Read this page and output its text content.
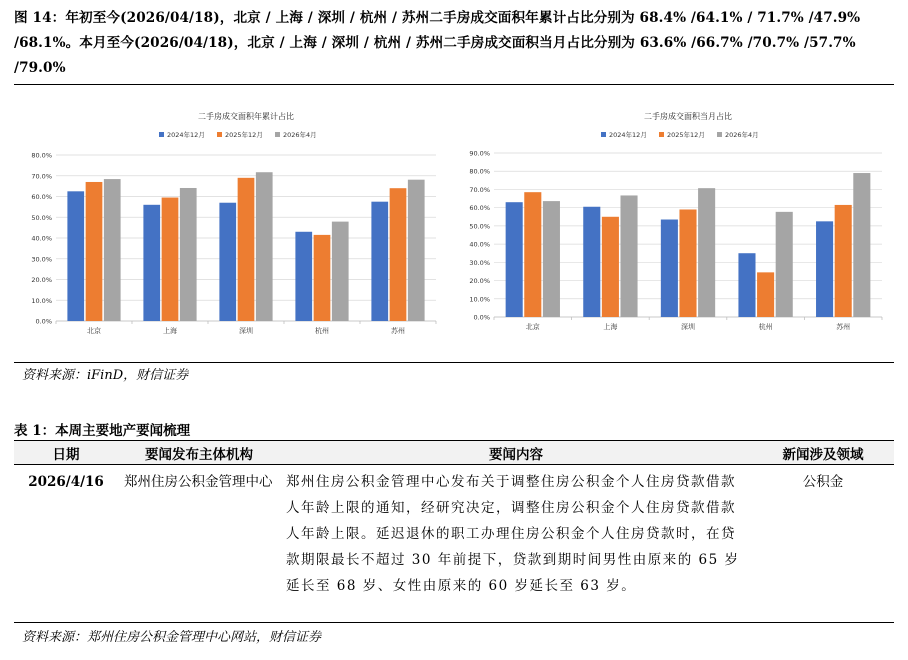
图 14：年初至今(2026/04/18)，北京 / 上海 / 深圳 / 杭州 / 苏州二手房成交面积年累计占比分别为 68.4% /64.1% / 71.7% /47.9% /68.1%。本月至今(2026/04/18)，北京 / 上海 / 深圳 / 杭州 / 苏州二手房成交面积当月占比分别为 63.6% /66.7% /70.7% /57.7% /79.0%
二手房成交面积年累计占比
2024年12月	2025年12月	2026年4月
0.0%
10.0%
20.0%
30.0%
40.0%
50.0%
60.0%
70.0%
80.0%
北京	上海	深圳	杭州	苏州
二手房成交面积当月占比
2024年12月	2025年12月	2026年4月
0.0%
10.0%
20.0%
30.0%
40.0%
50.0%
60.0%
70.0%
80.0%
90.0%
北京	上海	深圳	杭州	苏州
资料来源：iFinD，财信证券
表 1：本周主要地产要闻梳理
日期	要闻发布主体机构	要闻内容	新闻涉及领域
2026/4/16	郑州住房公积金管理中心	郑州住房公积金管理中心发布关于调整住房公积金个人住房贷款借款人年龄上限的通知，经研究决定，调整住房公积金个人住房贷款借款人年龄上限。延迟退休的职工办理住房公积金个人住房贷款时，在贷款期限最长不超过 30 年前提下，贷款到期时间男性由原来的 65 岁延长至 68 岁、女性由原来的 60 岁延长至 63 岁。	公积金
资料来源：郑州住房公积金管理中心网站，财信证券
